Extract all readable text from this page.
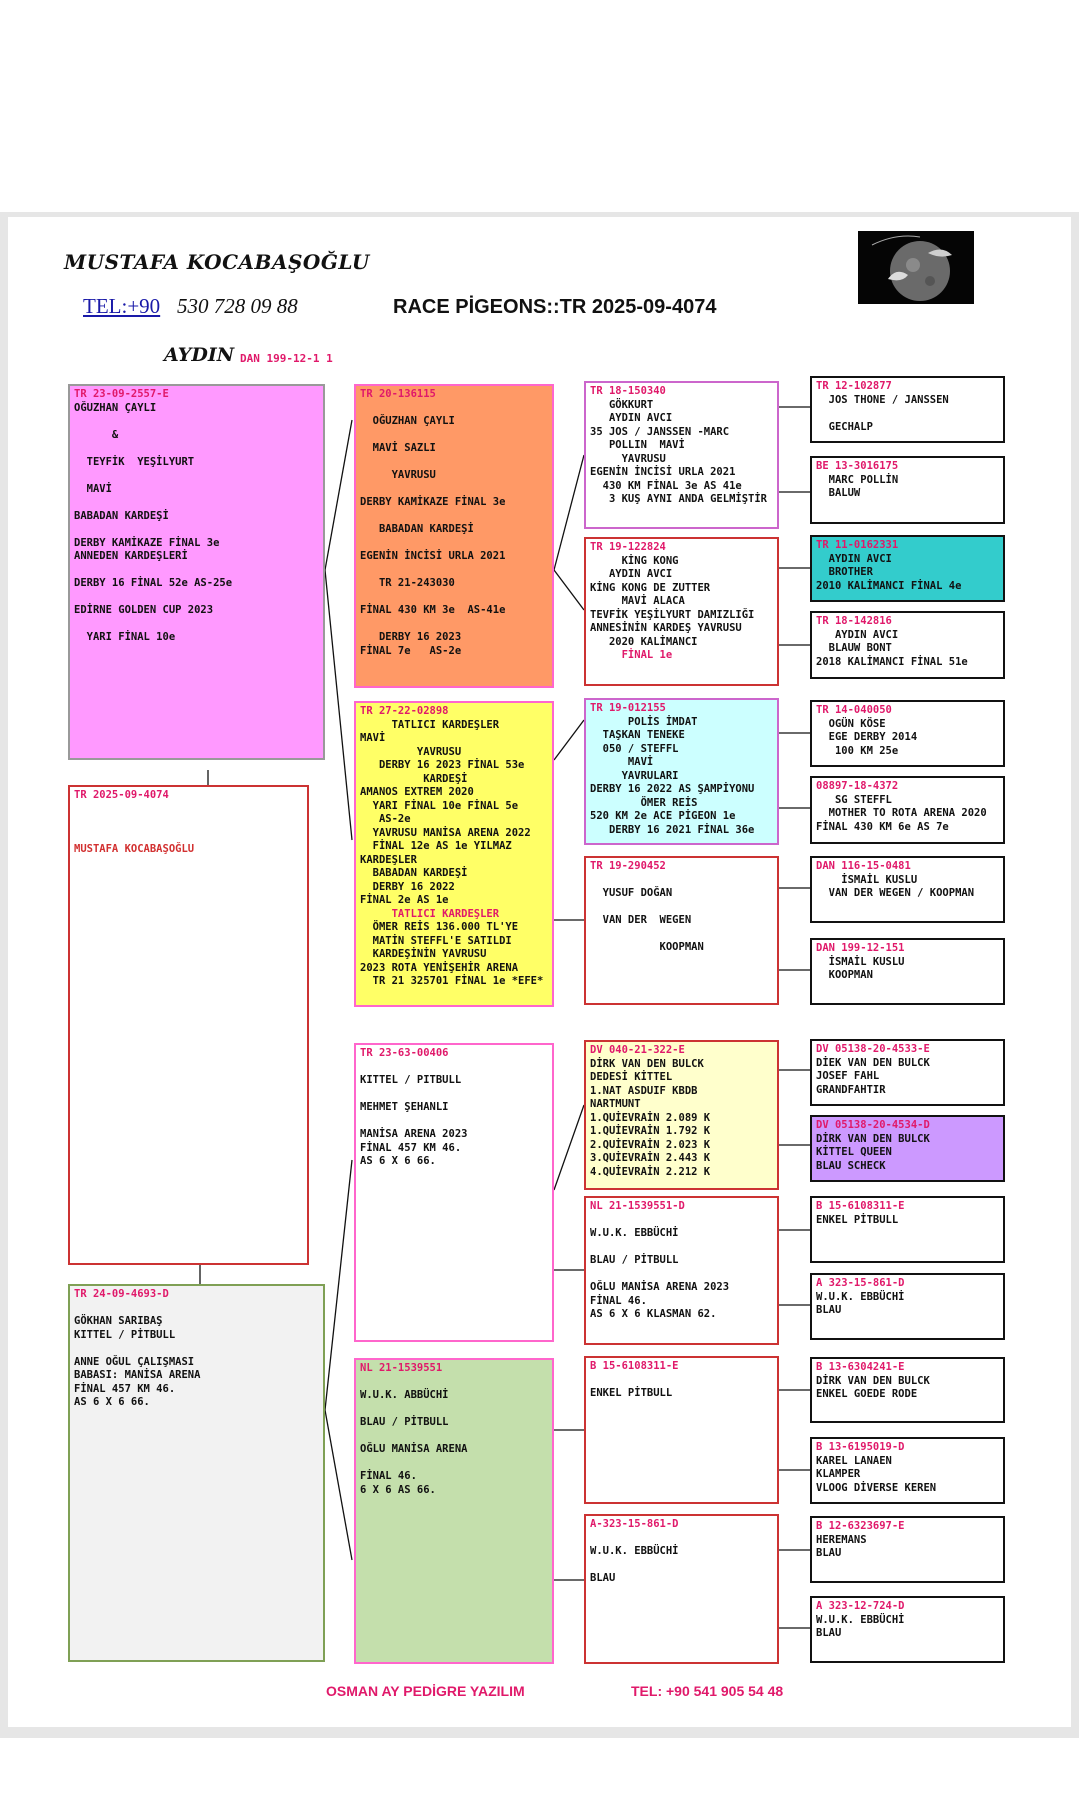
MUSTAFA KOCABAŞOĞLU
TEL:+90 530 728 09 88	RACE PİGEONS::TR 2025-09-4074
AYDIN DAN 199-12-1 1
TR 23-09-2557-E
OĞUZHAN ÇAYLI

&

TEYFİK  YEŞİLYURT

MAVİ

BABADAN KARDEŞİ

DERBY KAMİKAZE FİNAL 3e
ANNEDEN KARDEŞLERİ

DERBY 16 FİNAL 52e AS-25e

EDİRNE GOLDEN CUP 2023

YARI FİNAL 10e
TR 2025-09-4074

MUSTAFA KOCABAŞOĞLU
TR 24-09-4693-D

GÖKHAN SARIBAŞ
KITTEL / PİTBULL

ANNE OĞUL ÇALIŞMASI
BABASI: MANİSA ARENA
FİNAL 457 KM 46.
AS 6 X 6 66.
TR 20-136115

OĞUZHAN ÇAYLI

MAVİ SAZLI

YAVRUSU

DERBY KAMİKAZE FİNAL 3e

BABADAN KARDEŞİ

EGENİN İNCİSİ URLA 2021

TR 21-243030

FİNAL 430 KM 3e  AS-41e

DERBY 16 2023
FİNAL 7e   AS-2e
TR 27-22-02898
TATLICI KARDEŞLER
MAVİ
YAVRUSU
DERBY 16 2023 FİNAL 53e
KARDEŞİ
AMANOS EXTREM 2020
YARI FİNAL 10e FİNAL 5e
AS-2e
YAVRUSU MANİSA ARENA 2022
FİNAL 12e AS 1e YILMAZ
KARDEŞLER
BABADAN KARDEŞİ
DERBY 16 2022
FİNAL 2e AS 1e
TATLICI KARDEŞLER
ÖMER REİS 136.000 TL'YE
MATİN STEFFL'E SATILDI
KARDEŞİNİN YAVRUSU
2023 ROTA YENİŞEHİR ARENA
TR 21 325701 FİNAL 1e *EFE*
TR 23-63-00406

KITTEL / PITBULL

MEHMET ŞEHANLI

MANİSA ARENA 2023
FİNAL 457 KM 46.
AS 6 X 6 66.
NL 21-1539551

W.U.K. ABBÜCHİ

BLAU / PİTBULL

OĞLU MANİSA ARENA

FİNAL 46.
6 X 6 AS 66.
TR 18-150340
GÖKKURT
AYDIN AVCI
35 JOS / JANSSEN -MARC
POLLIN  MAVİ
YAVRUSU
EGENİN İNCİSİ URLA 2021
430 KM FİNAL 3e AS 41e
3 KUŞ AYNI ANDA GELMİŞTİR
TR 19-122824
KİNG KONG
AYDIN AVCI
KİNG KONG DE ZUTTER
MAVİ ALACA
TEVFİK YEŞİLYURT DAMIZLIĞI
ANNESİNİN KARDEŞ YAVRUSU
2020 KALİMANCI
FİNAL 1e
TR 19-012155
POLİS İMDAT
TAŞKAN TENEKE
050 / STEFFL
MAVİ
YAVRULARI
DERBY 16 2022 AS ŞAMPİYONU
ÖMER REİS
520 KM 2e ACE PİGEON 1e
DERBY 16 2021 FİNAL 36e
TR 19-290452

YUSUF DOĞAN

VAN DER  WEGEN

KOOPMAN
DV 040-21-322-E
DİRK VAN DEN BULCK
DEDESİ KİTTEL
1.NAT ASDUIF KBDB
NARTMUNT
1.QUİEVRAİN 2.089 K
1.QUİEVRAİN 1.792 K
2.QUİEVRAİN 2.023 K
3.QUİEVRAİN 2.443 K
4.QUİEVRAİN 2.212 K
NL 21-1539551-D

W.U.K. EBBÜCHİ

BLAU / PİTBULL

OĞLU MANİSA ARENA 2023
FİNAL 46.
AS 6 X 6 KLASMAN 62.
B 15-6108311-E

ENKEL PİTBULL
A-323-15-861-D

W.U.K. EBBÜCHİ

BLAU
TR 12-102877
JOS THONE / JANSSEN

GECHALP
BE 13-3016175
MARC POLLİN
BALUW
TR 11-0162331
AYDIN AVCI
BROTHER
2010 KALİMANCI FİNAL 4e
TR 18-142816
AYDIN AVCI
BLAUW BONT
2018 KALİMANCI FİNAL 51e
TR 14-040050
OGÜN KÖSE
EGE DERBY 2014
100 KM 25e
08897-18-4372
SG STEFFL
MOTHER TO ROTA ARENA 2020
FİNAL 430 KM 6e AS 7e
DAN 116-15-0481
İSMAİL KUSLU
VAN DER WEGEN / KOOPMAN
DAN 199-12-151
İSMAİL KUSLU
KOOPMAN
DV 05138-20-4533-E
DİEK VAN DEN BULCK
JOSEF FAHL
GRANDFAHTIR
DV 05138-20-4534-D
DİRK VAN DEN BULCK
KİTTEL QUEEN
BLAU SCHECK
B 15-6108311-E
ENKEL PİTBULL
A 323-15-861-D
W.U.K. EBBÜCHİ
BLAU
B 13-6304241-E
DİRK VAN DEN BULCK
ENKEL GOEDE RODE
B 13-6195019-D
KAREL LANAEN
KLAMPER
VLOOG DİVERSE KEREN
B 12-6323697-E
HEREMANS
BLAU
A 323-12-724-D
W.U.K. EBBÜCHİ
BLAU
OSMAN AY PEDİGRE YAZILIM	TEL: +90 541 905 54 48
